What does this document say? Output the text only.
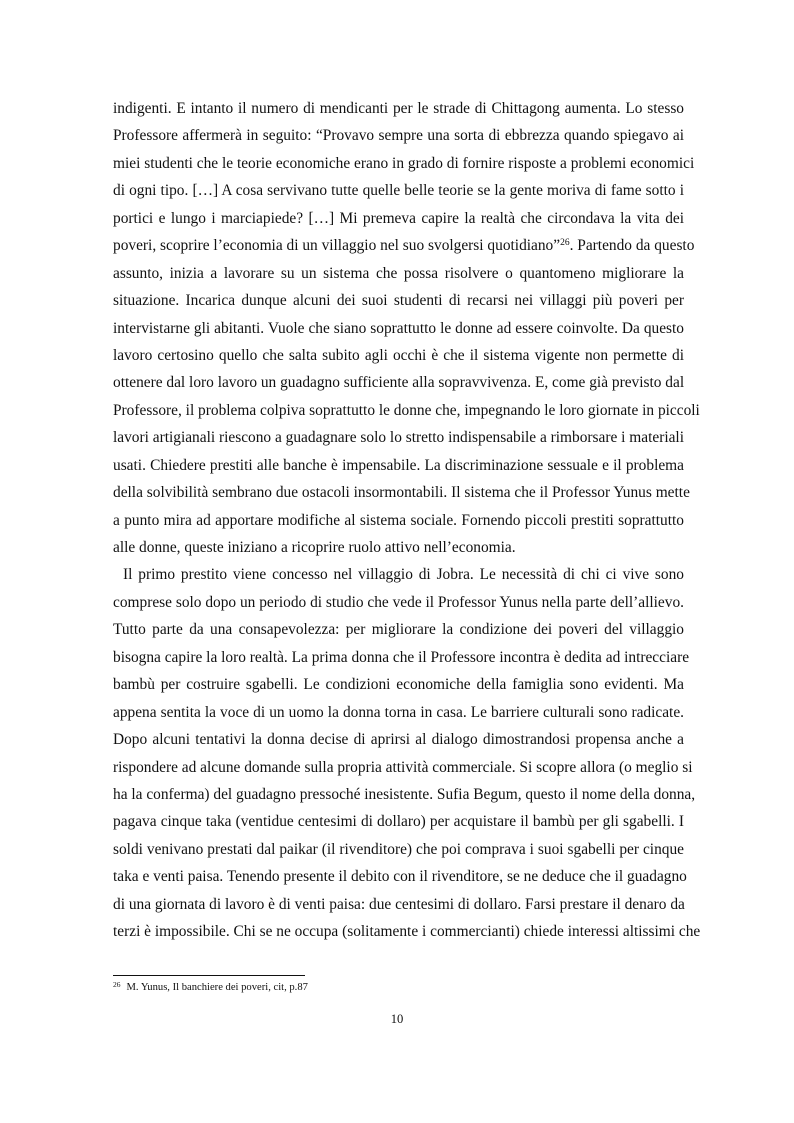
indigenti. E intanto il numero di mendicanti per le strade di Chittagong aumenta. Lo stesso
Professore affermerà in seguito: “Provavo sempre una sorta di ebbrezza quando spiegavo ai
miei studenti che le teorie economiche erano in grado di fornire risposte a problemi economici
di ogni tipo. […] A cosa servivano tutte quelle belle teorie se la gente moriva di fame sotto i
portici e lungo i marciapiede? […] Mi premeva capire la realtà che circondava la vita dei
poveri, scoprire l’economia di un villaggio nel suo svolgersi quotidiano”$^{26}$. Partendo da questo
assunto, inizia a lavorare su un sistema che possa risolvere o quantomeno migliorare la
situazione. Incarica dunque alcuni dei suoi studenti di recarsi nei villaggi più poveri per
intervistarne gli abitanti. Vuole che siano soprattutto le donne ad essere coinvolte. Da questo
lavoro certosino quello che salta subito agli occhi è che il sistema vigente non permette di
ottenere dal loro lavoro un guadagno sufficiente alla sopravvivenza. E, come già previsto dal
Professore, il problema colpiva soprattutto le donne che, impegnando le loro giornate in piccoli
lavori artigianali riescono a guadagnare solo lo stretto indispensabile a rimborsare i materiali
usati. Chiedere prestiti alle banche è impensabile. La discriminazione sessuale e il problema
della solvibilità sembrano due ostacoli insormontabili. Il sistema che il Professor Yunus mette
a punto mira ad apportare modifiche al sistema sociale. Fornendo piccoli prestiti soprattutto
alle donne, queste iniziano a ricoprire ruolo attivo nell’economia.
Il primo prestito viene concesso nel villaggio di Jobra. Le necessità di chi ci vive sono
comprese solo dopo un periodo di studio che vede il Professor Yunus nella parte dell’allievo.
Tutto parte da una consapevolezza: per migliorare la condizione dei poveri del villaggio
bisogna capire la loro realtà. La prima donna che il Professore incontra è dedita ad intrecciare
bambù per costruire sgabelli. Le condizioni economiche della famiglia sono evidenti. Ma
appena sentita la voce di un uomo la donna torna in casa. Le barriere culturali sono radicate.
Dopo alcuni tentativi la donna decise di aprirsi al dialogo dimostrandosi propensa anche a
rispondere ad alcune domande sulla propria attività commerciale. Si scopre allora (o meglio si
ha la conferma) del guadagno pressoché inesistente. Sufia Begum, questo il nome della donna,
pagava cinque taka (ventidue centesimi di dollaro) per acquistare il bambù per gli sgabelli. I
soldi venivano prestati dal paikar (il rivenditore) che poi comprava i suoi sgabelli per cinque
taka e venti paisa. Tenendo presente il debito con il rivenditore, se ne deduce che il guadagno
di una giornata di lavoro è di venti paisa: due centesimi di dollaro. Farsi prestare il denaro da
terzi è impossibile. Chi se ne occupa (solitamente i commercianti) chiede interessi altissimi che
$^{26}$ M. Yunus, Il banchiere dei poveri, cit, p.87
10
